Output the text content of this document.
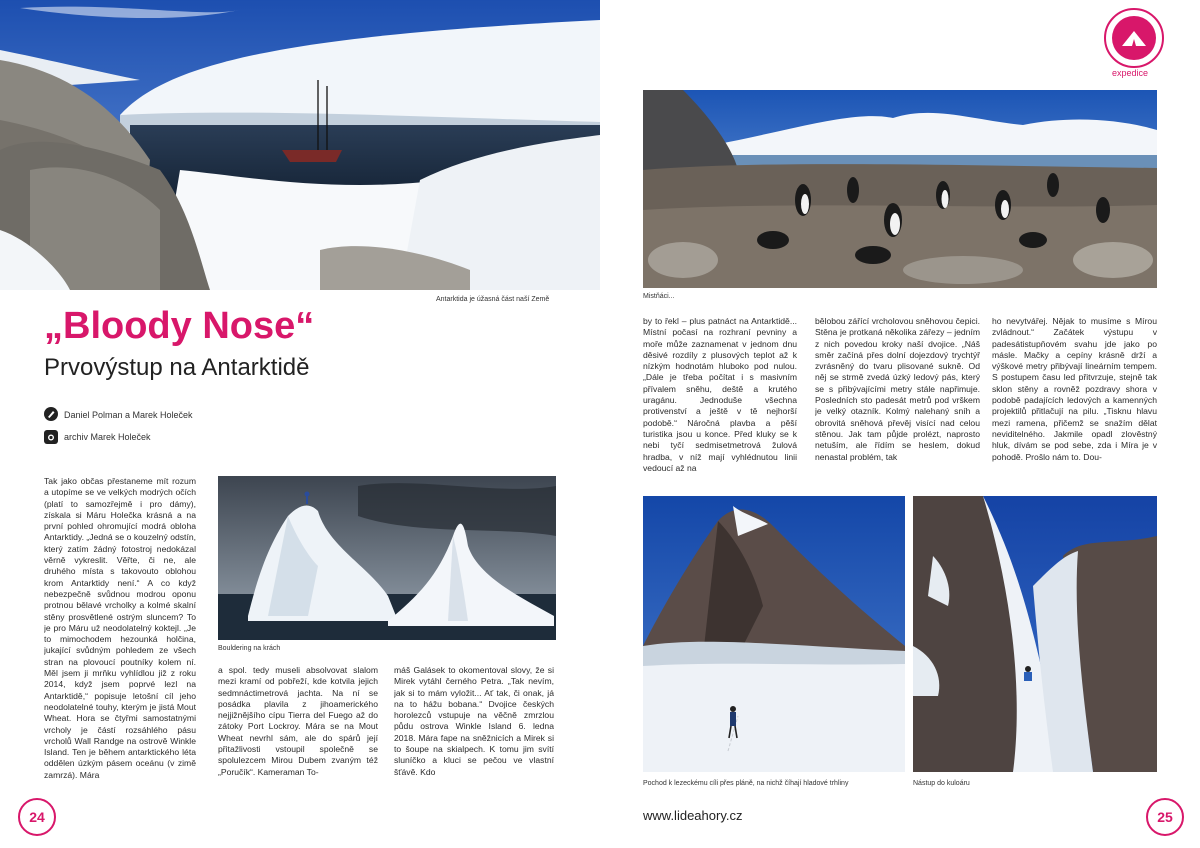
Antarktida je úžasná část naší Země
„Bloody Nose“
Prvovýstup na Antarktidě
Daniel Polman a Marek Holeček
archiv Marek Holeček
Tak jako občas přestaneme mít rozum a utopíme se ve velkých modrých očích (platí to samozřejmě i pro dámy), získala si Máru Holečka krásná a na první pohled ohromující modrá obloha Antarktidy. „Jedná se o kouzelný odstín, který zatím žádný fotostroj nedokázal věrně vykreslit. Věřte, či ne, ale druhého místa s takovouto oblohou krom Antarktidy není.“ A co když nebezpečně svůdnou modrou oponu protnou bělavé vrcholky a kolmé skalní stěny prosvětlené ostrým sluncem? To je pro Máru už neodolatelný koktejl. „Je to mimochodem hezounká holčina, jukající svůdným pohledem ze všech stran na plovoucí poutníky kolem ní. Měl jsem ji mrňku vyhlídlou již z roku 2014, když jsem poprvé lezl na Antarktidě,“ popisuje letošní cíl jeho neodolatelné touhy, kterým je jistá Mout Wheat. Hora se čtyřmi samostatnými vrcholy je částí rozsáhlého pásu vrcholů Wall Randge na ostrově Winkle Island. Ten je během antarktického léta oddělen úzkým pásem oceánu (v zimě zamrzá). Mára
Bouldering na krách
a spol. tedy museli absolvovat slalom mezi kramí od pobřeží, kde kotvila jejich sedmnáctimetrová jachta. Na ní se posádka plavila z jihoamerického nejjižnějšího cípu Tierra del Fuego až do zátoky Port Lockroy. Mára se na Mout Wheat nevrhl sám, ale do spárů její přitažlivosti vstoupil společně se spolulezcem Mirou Dubem zvaným též „Poručík“. Kameraman To-
máš Galásek to okomentoval slovy, že si Mirek vytáhl černého Petra. „Tak nevím, jak si to mám vyložit... Ať tak, či onak, já na to hážu bobana.“ Dvojice českých horolezců vstupuje na věčně zmrzlou půdu ostrova Winkle Island 6. ledna 2018. Mára fape na sněžnicích a Mirek si to šoupe na skialpech. K tomu jim svítí sluníčko a kluci se pečou ve vlastní šťávě. Kdo
24
expedice
Mistňáci...
by to řekl – plus patnáct na Antarktidě... Místní počasí na rozhraní pevniny a moře může zaznamenat v jednom dnu děsivé rozdíly z plusových teplot až k nízkým hodnotám hluboko pod nulou. „Dále je třeba počítat i s masivním přívalem sněhu, deště a krutého uragánu. Jednoduše všechna protivenství a ještě v tě nejhorší podobě.“ Náročná plavba a pěší turistika jsou u konce. Před kluky se k nebi tyčí sedmisetmetrová žulová hradba, v níž mají vyhlédnutou linii vedoucí až na
bělobou zářící vrcholovou sněhovou čepici. Stěna je protkaná několika zářezy – jedním z nich povedou kroky naší dvojice. „Náš směr začíná přes dolní dojezdový trychtýř zvrásněný do tvaru plisované sukně. Od něj se strmě zvedá úzký ledový pás, který se s přibývajícími metry stále napřimuje. Posledních sto padesát metrů pod vrškem je velký otazník. Kolmý nalehaný sníh a obrovitá sněhová převěj visící nad celou stěnou. Jak tam půjde prolézt, naprosto netuším, ale řídím se heslem, dokud nenastal problém, tak
ho nevytvářej. Nějak to musíme s Mírou zvládnout.“ Začátek výstupu v padesátistupňovém svahu jde jako po másle. Mačky a cepíny krásně drží a výškové metry přibývají lineárním tempem. S postupem času led přitvrzuje, stejně tak sklon stěny a rovněž pozdravy shora v podobě padajících ledových a kamenných projektilů přitlačují na pilu. „Tisknu hlavu mezi ramena, přičemž se snažím dělat neviditelného. Jakmile opadl zlověstný hluk, dívám se pod sebe, zda i Míra je v pohodě. Prošlo nám to. Dou-
Pochod k lezeckému cíli přes pláně, na nichž číhají hladové trhliny	Nástup do kuloáru
www.lideahory.cz	25
